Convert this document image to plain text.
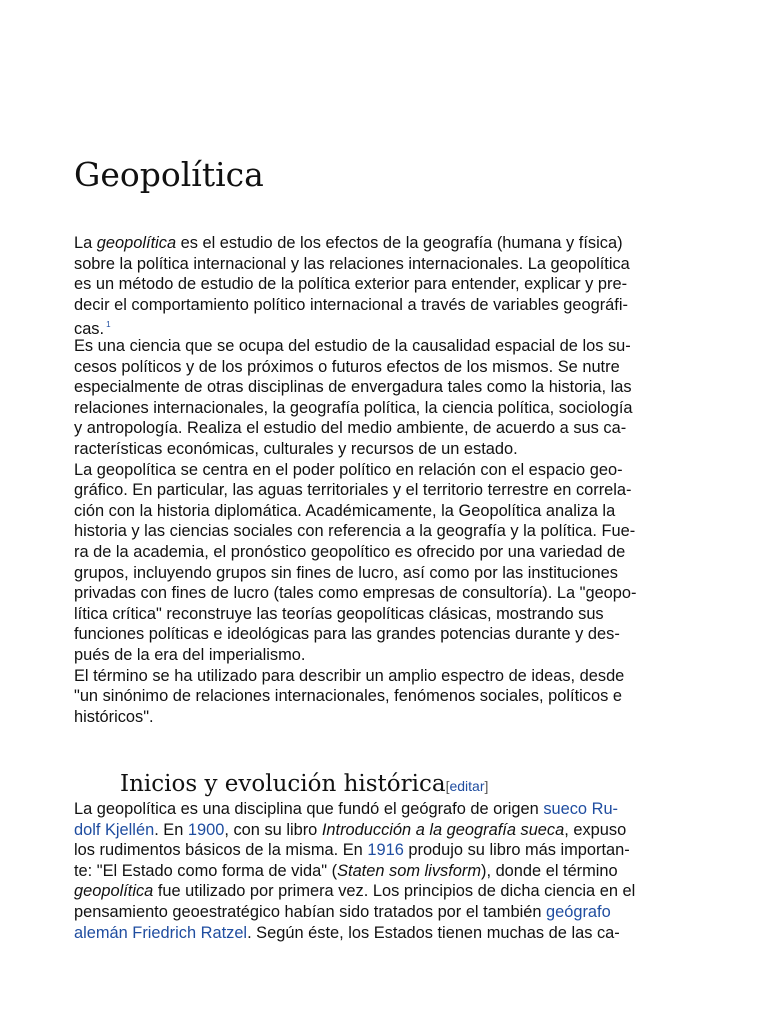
Geopolítica
La geopolítica es el estudio de los efectos de la geografía (humana y física)
sobre la política internacional y las relaciones internacionales. La geopolítica
es un método de estudio de la política exterior para entender, explicar y pre-
decir el comportamiento político internacional a través de variables geográfi-
cas. $^1$
Es una ciencia que se ocupa del estudio de la causalidad espacial de los su-
cesos políticos y de los próximos o futuros efectos de los mismos. Se nutre
especialmente de otras disciplinas de envergadura tales como la historia, las
relaciones internacionales, la geografía política, la ciencia política, sociología
y antropología. Realiza el estudio del medio ambiente, de acuerdo a sus ca-
racterísticas económicas, culturales y recursos de un estado.
La geopolítica se centra en el poder político en relación con el espacio geo-
gráfico. En particular, las aguas territoriales y el territorio terrestre en correla-
ción con la historia diplomática. Académicamente, la Geopolítica analiza la
historia y las ciencias sociales con referencia a la geografía y la política. Fue-
ra de la academia, el pronóstico geopolítico es ofrecido por una variedad de
grupos, incluyendo grupos sin fines de lucro, así como por las instituciones
privadas con fines de lucro (tales como empresas de consultoría). La "geopo-
lítica crítica" reconstruye las teorías geopolíticas clásicas, mostrando sus
funciones políticas e ideológicas para las grandes potencias durante y des-
pués de la era del imperialismo.
El término se ha utilizado para describir un amplio espectro de ideas, desde
"un sinónimo de relaciones internacionales, fenómenos sociales, políticos e
históricos".
Inicios y evolución histórica[editar]
La geopolítica es una disciplina que fundó el geógrafo de origen sueco Ru-
dolf Kjellén. En 1900, con su libro Introducción a la geografía sueca, expuso
los rudimentos básicos de la misma. En 1916 produjo su libro más importan-
te: "El Estado como forma de vida" (Staten som livsform), donde el término
geopolítica fue utilizado por primera vez. Los principios de dicha ciencia en el
pensamiento geoestratégico habían sido tratados por el también geógrafo
alemán Friedrich Ratzel. Según éste, los Estados tienen muchas de las ca-
